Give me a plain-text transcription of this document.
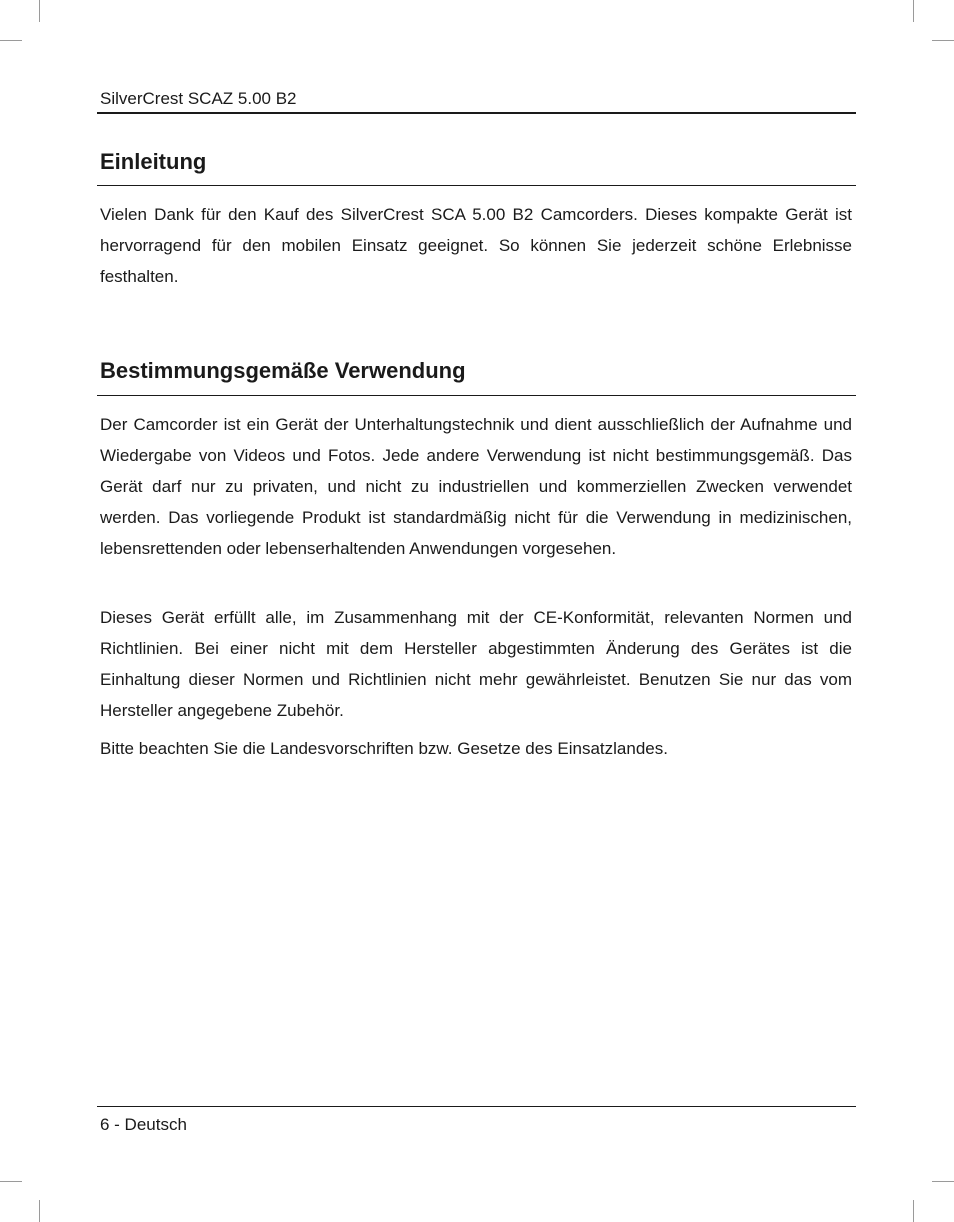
SilverCrest SCAZ 5.00 B2
Einleitung

Vielen Dank für den Kauf des SilverCrest SCA 5.00 B2 Camcorders. Dieses kompakte Gerät ist hervorragend für den mobilen Einsatz geeignet. So können Sie jederzeit schöne Erlebnisse festhalten.

Bestimmungsgemäße Verwendung

Der Camcorder ist ein Gerät der Unterhaltungstechnik und dient ausschließlich der Aufnahme und Wiedergabe von Videos und Fotos. Jede andere Verwendung ist nicht bestimmungsgemäß. Das Gerät darf nur zu privaten, und nicht zu industriellen und kommerziellen Zwecken verwendet werden. Das vorliegende Produkt ist standardmäßig nicht für die Verwendung in medizinischen, lebensrettenden oder lebenserhaltenden Anwendungen vorgesehen.

Dieses Gerät erfüllt alle, im Zusammenhang mit der CE-Konformität, relevanten Normen und Richtlinien. Bei einer nicht mit dem Hersteller abgestimmten Änderung des Gerätes ist die Einhaltung dieser Normen und Richtlinien nicht mehr gewährleistet. Benutzen Sie nur das vom Hersteller angegebene Zubehör.

Bitte beachten Sie die Landesvorschriften bzw. Gesetze des Einsatzlandes.

6 - Deutsch
